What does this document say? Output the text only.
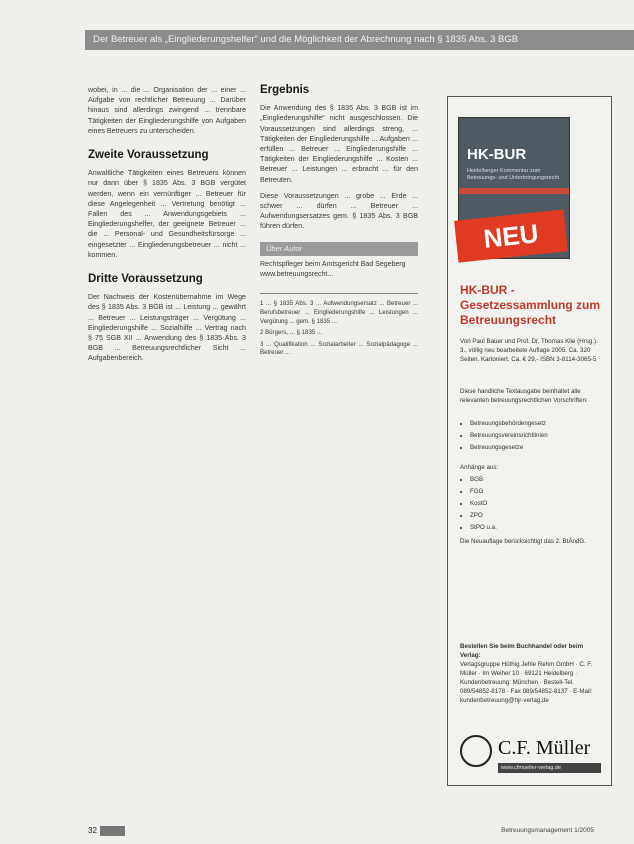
Der Betreuer als „Eingliederungshelfer“ und die Möglichkeit der Abrechnung nach § 1835 Abs. 3 BGB

wobei, in ... die ... Organisation der ... einer ... Aufgabe von rechtlicher Betreuung ... Darüber hinaus sind allerdings zwingend ... trennbare Tätigkeiten der Eingliederungshilfe von Aufgaben eines Betreuers zu unterscheiden.

Zweite Voraussetzung

Anwaltliche Tätigkeiten eines Betreuers können nur dann über § 1835 Abs. 3 BGB vergütet werden, wenn ein vernünftiger ... Betreuer für diese Angelegenheit ... Vertretung benötigt ... Fallen des ... Anwendungsgebiets ... Eingliederungshelfer, der geeignete Betreuer ... die ... Personal- und Gesundheitsfürsorge ... eingesetzter ... Eingliederungsbetreuer ... nicht ... kommen.

Dritte Voraussetzung

Der Nachweis der Kostenübernahme im Wege des § 1835 Abs. 3 BGB ist ... Leistung ... gewährt ... Betreuer ... Leistungsträger ... Vergütung ... Eingliederungshilfe ... Sozialhilfe ... Vertrag nach § 75 SGB XII ... Anwendung des § 1835 Abs. 3 BGB ... Betreuungsrechtlicher Sicht ... Aufgabenbereich.

Ergebnis

Die Anwendung des § 1835 Abs. 3 BGB ist im „Eingliederungshilfe“ nicht ausgeschlossen. Die Voraussetzungen sind allerdings streng, ... Tätigkeiten der Eingliederungshilfe ... Aufgaben ... erfüllen ... Betreuer ... Eingliederungshilfe ... Tätigkeiten der Eingliederungshilfe ... Kosten ... Betreuer ... Leistungen ... erbracht ... für den Betreuten.

Diese Voraussetzungen ... grobe ... Erde ... schwer ... dürfen ... Betreuer ... Aufwendungsersatzes gem. § 1835 Abs. 3 BGB führen dürfen.

Über Autor
Rechtspfleger beim Amtsgericht Bad Segeberg
www.betreuungsrecht...
1 ... § 1835 Abs. 3 ... Aufwendungsersatz ... Betreuer ... Berufsbetreuer ... Eingliederungshilfe ... Leistungen ... Vergütung ... gem. § 1835 ...
2 Bürgers, ... § 1835 ...
3 ... Qualifikation ... Sozialarbeiter ... Sozialpädagoge ... Betreuer ...
HK-BUR
Heidelberger Kommentar zum Betreuungs- und Unterbringungsrecht
NEU
HK-BUR - Gesetzessammlung zum Betreuungsrecht
Von Paul Bauer und Prof. Dr. Thomas Klie (Hrsg.). 3., völlig neu bearbeitete Auflage 2005. Ca. 320 Seiten. Kartoniert. Ca. € 29,- ISBN 3-8114-3065-5
Diese handliche Textausgabe beinhaltet alle relevanten betreuungsrechtlichen Vorschriften:
• Betreuungsbehördengesetz
• Betreuungsvereinsrichtlinien
• Betreuungsgesetze
Anhänge aus:
• BGB
• FGG
• KostO
• ZPO
• StPO u.a.
Die Neuauflage berücksichtigt das 2. BtÄndG.
Bestellen Sie beim Buchhandel oder beim Verlag:
Verlagsgruppe Hüthig Jehle Rehm GmbH · C. F. Müller · Im Weiher 10 · 69121 Heidelberg · Kundenbetreuung: München · Bestell-Tel. 089/54852-8178 · Fax 089/54852-8137 · E-Mail: kundenbetreuung@hjr-verlag.de
C.F. Müller
www.cfmueller-verlag.de
32	Betreuungsmanagement 1/2005
